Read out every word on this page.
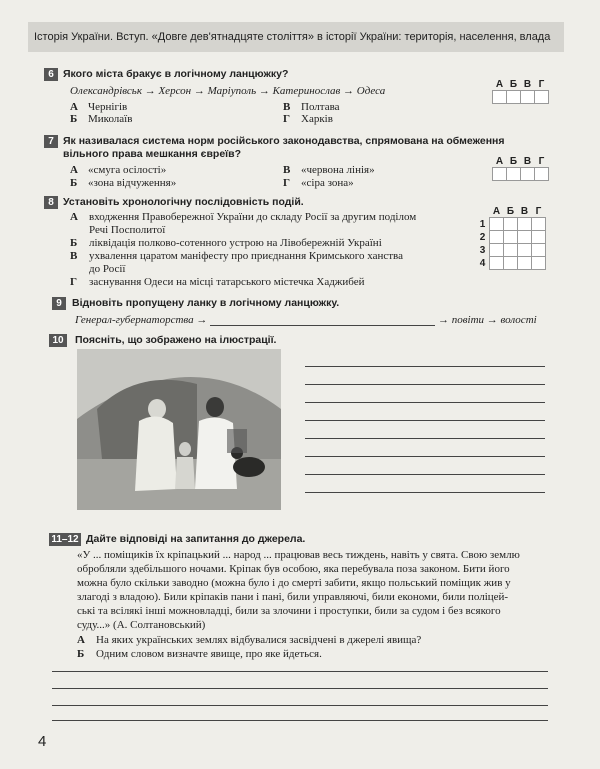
Історія України. Вступ. «Довге дев'ятнадцяте століття» в історії України: територія, населення, влада
6 Якого міста бракує в логічному ланцюжку?
Олександрівськ → Херсон → Маріуполь → Катеринослав → Одеса
А Чернігів
Б Миколаїв
В Полтава
Г Харків
А	Б	В	Г

7 Як називалася система норм російського законодавства, спрямована на обмеження
вільного права мешкання євреїв?
А «смуга осілості»
Б «зона відчуження»
В «червона лінія»
Г «сіра зона»
А	Б	В	Г

8 Установіть хронологічну послідовність подій.
А входження Правобережної України до складу Росії за другим поділом
Речі Посполитої
Б ліквідація полково-сотенного устрою на Лівобережній Україні
В ухвалення царатом маніфесту про приєднання Кримського ханства
до Росії
Г заснування Одеси на місці татарського містечка Хаджибей
	А	Б	В	Г
1				
2				
3				
4				
9 Відновіть пропущену ланку в логічному ланцюжку.
Генерал-губернаторства →	→ повіти → волості
10	Поясніть, що зображено на ілюстрації.
11–12 Дайте відповіді на запитання до джерела.
«У ... поміщиків їх кріпацький ... народ ... працював весь тиждень, навіть у свята. Свою землю
обробляли здебільшого ночами. Кріпак був особою, яка перебувала поза законом. Бити його
можна було скільки заводно (можна було і до смерті забити, якщо польський поміщик жив у
злагоді з владою). Били кріпаків пани і пані, били управляючі, били економи, били поліцей-
ські та всілякі інші можновладці, били за злочини і проступки, били за судом і без всякого
суду...» (А. Солтановський)
А На яких українських землях відбувалися засвідчені в джерелі явища?
Б Одним словом визначте явище, про яке йдеться.
4
